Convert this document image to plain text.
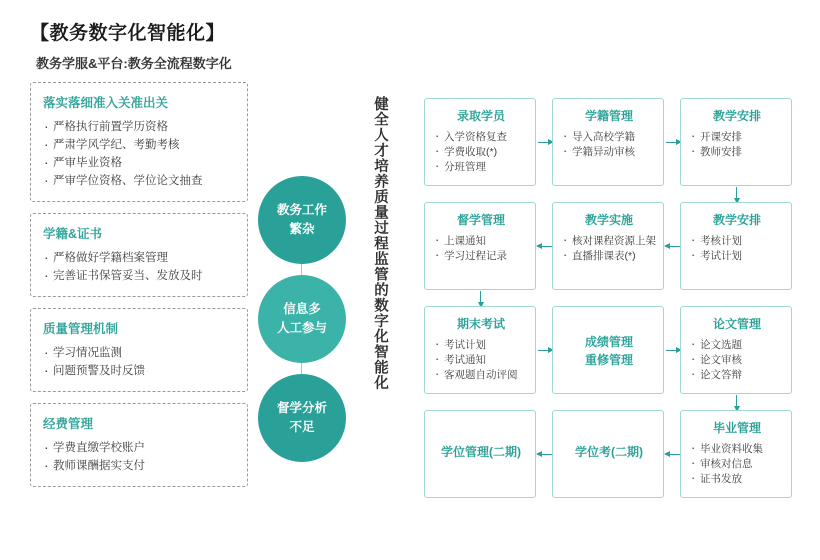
【教务数字化智能化】
教务学服&平台:教务全流程数字化
落实落细准入关准出关
· 严格执行前置学历资格
· 严肃学风学纪、考勤考核
· 严审毕业资格
· 严审学位资格、学位论文抽查
学籍&证书
· 严格做好学籍档案管理
· 完善证书保管妥当、发放及时
质量管理机制
· 学习情况监测
· 问题预警及时反馈
经费管理
· 学费直缴学校账户
· 教师课酬据实支付
教务工作
繁杂
信息多
人工参与
督学分析
不足
健全人才培养质量过程监管的数字化智能化	录取学员
· 入学资格复查
· 学费收取(*)
· 分班管理
学籍管理
· 导入高校学籍
· 学籍异动审核
教学安排
· 开课安排
· 教师安排
督学管理
· 上课通知
· 学习过程记录
教学实施
· 核对课程资源上架
· 直播排课表(*)
教学安排
· 考核计划
· 考试计划
期末考试
· 考试计划
· 考试通知
· 客观题自动评阅
成绩管理
重修管理
论文管理
· 论文选题
· 论文审核
· 论文答辩
学位管理(二期)	学位考(二期)
毕业管理
· 毕业资料收集
· 审核对信息
· 证书发放
